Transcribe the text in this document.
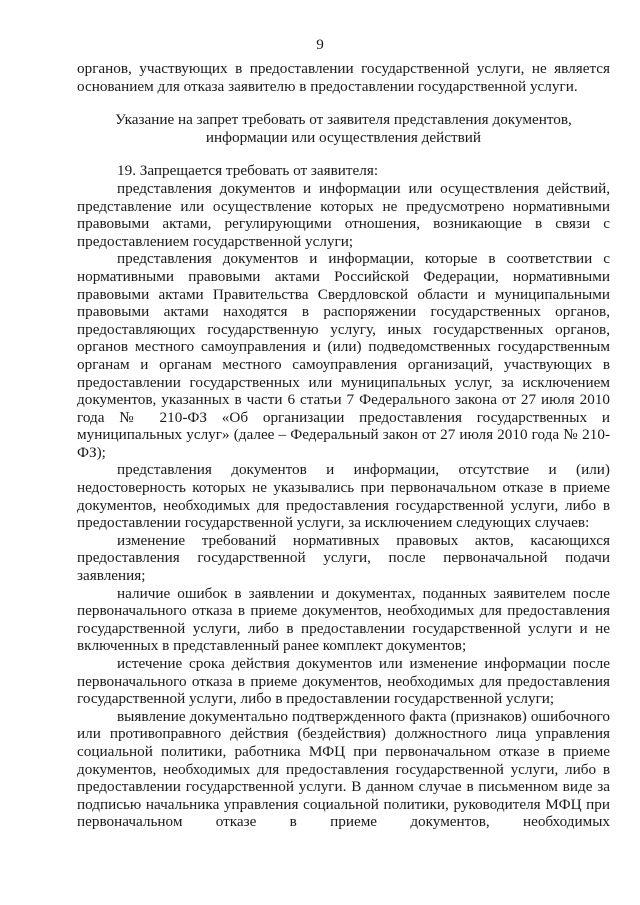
9

органов, участвующих в предоставлении государственной услуги, не является основанием для отказа заявителю в предоставлении государственной услуги.

Указание на запрет требовать от заявителя представления документов,
информации или осуществления действий

19. Запрещается требовать от заявителя:

представления документов и информации или осуществления действий, представление или осуществление которых не предусмотрено нормативными правовыми актами, регулирующими отношения, возникающие в связи с предоставлением государственной услуги;

представления документов и информации, которые в соответствии с нормативными правовыми актами Российской Федерации, нормативными правовыми актами Правительства Свердловской области и муниципальными правовыми актами находятся в распоряжении государственных органов, предоставляющих государственную услугу, иных государственных органов, органов местного самоуправления и (или) подведомственных государственным органам и органам местного самоуправления организаций, участвующих в предоставлении государственных или муниципальных услуг, за исключением документов, указанных в части 6 статьи 7 Федерального закона от 27 июля 2010 года № 210-ФЗ «Об организации предоставления государственных и муниципальных услуг» (далее – Федеральный закон от 27 июля 2010 года № 210-ФЗ);

представления документов и информации, отсутствие и (или) недостоверность которых не указывались при первоначальном отказе в приеме документов, необходимых для предоставления государственной услуги, либо в предоставлении государственной услуги, за исключением следующих случаев:

изменение требований нормативных правовых актов, касающихся предоставления государственной услуги, после первоначальной подачи заявления;

наличие ошибок в заявлении и документах, поданных заявителем после первоначального отказа в приеме документов, необходимых для предоставления государственной услуги, либо в предоставлении государственной услуги и не включенных в представленный ранее комплект документов;

истечение срока действия документов или изменение информации после первоначального отказа в приеме документов, необходимых для предоставления государственной услуги, либо в предоставлении государственной услуги;

выявление документально подтвержденного факта (признаков) ошибочного или противоправного действия (бездействия) должностного лица управления социальной политики, работника МФЦ при первоначальном отказе в приеме документов, необходимых для предоставления государственной услуги, либо в предоставлении государственной услуги. В данном случае в письменном виде за подписью начальника управления социальной политики, руководителя МФЦ при первоначальном отказе в приеме документов, необходимых
